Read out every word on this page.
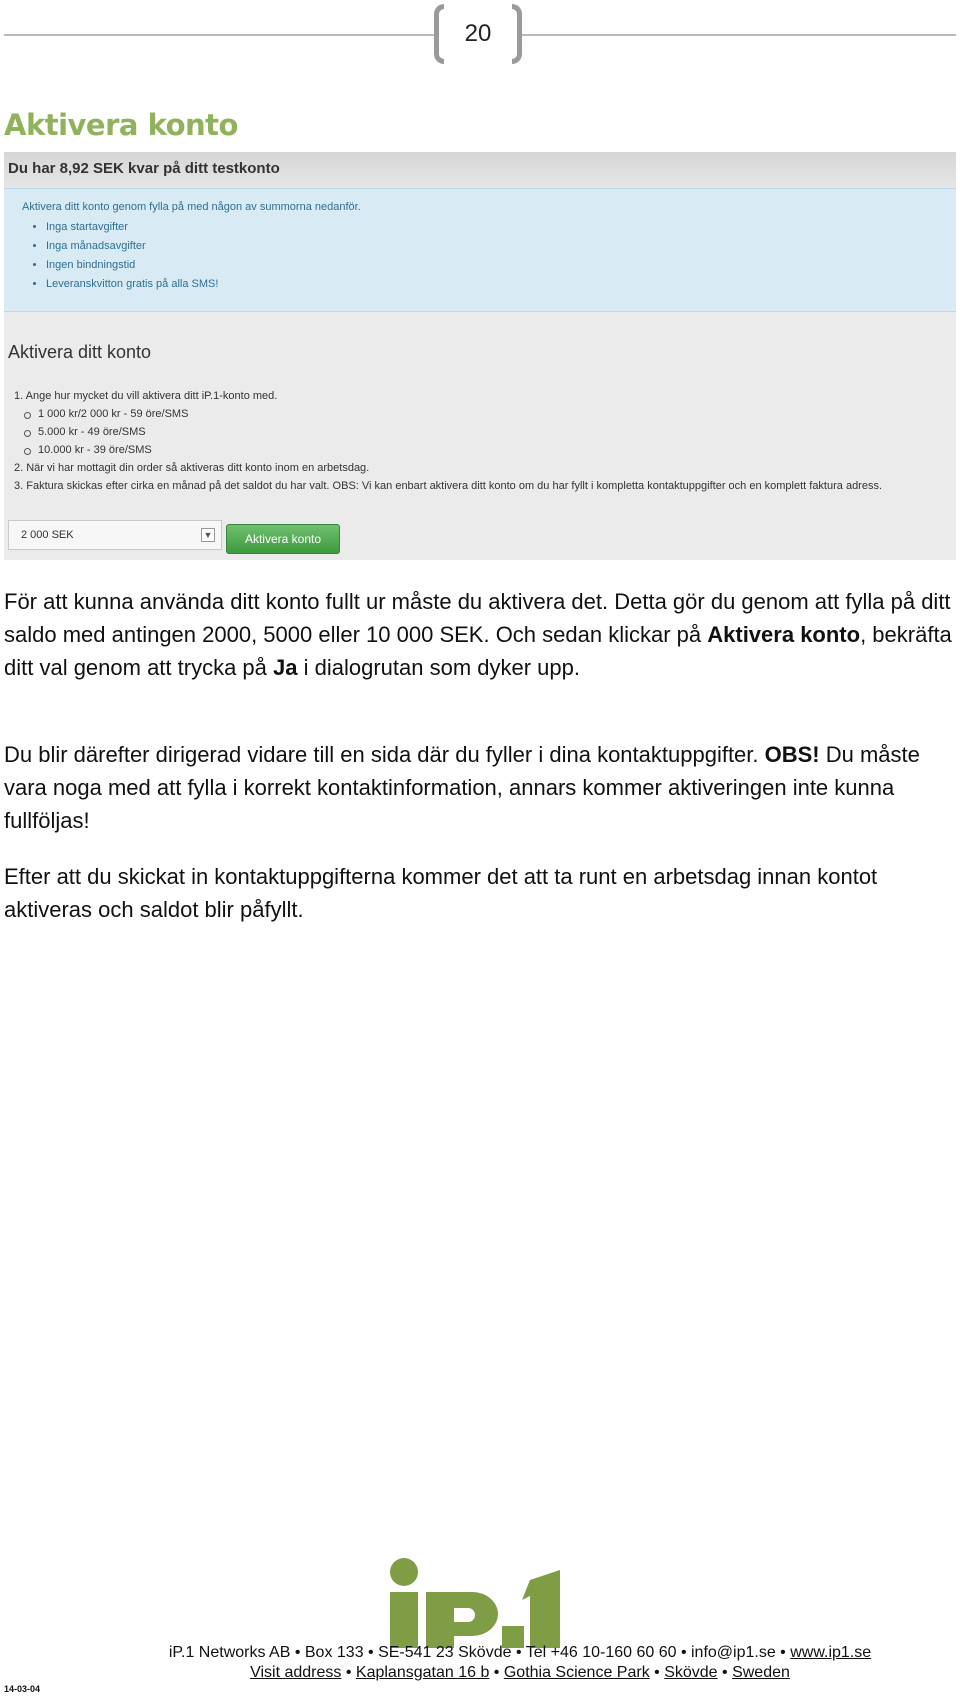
20
Aktivera konto
Du har 8,92 SEK kvar på ditt testkonto
Aktivera ditt konto genom fylla på med någon av summorna nedanför.
• Inga startavgifter
• Inga månadsavgifter
• Ingen bindningstid
• Leveranskvitton gratis på alla SMS!
Aktivera ditt konto
1. Ange hur mycket du vill aktivera ditt iP.1-konto med.
1 000 kr/2 000 kr - 59 öre/SMS
5.000 kr - 49 öre/SMS
10.000 kr - 39 öre/SMS
2. När vi har mottagit din order så aktiveras ditt konto inom en arbetsdag.
3. Faktura skickas efter cirka en månad på det saldot du har valt. OBS: Vi kan enbart aktivera ditt konto om du har fyllt i kompletta kontaktuppgifter och en komplett faktura adress.
2 000 SEK	▼	Aktivera konto

För att kunna använda ditt konto fullt ur måste du aktivera det. Detta gör du genom att fylla på ditt saldo med antingen 2000, 5000 eller 10 000 SEK. Och sedan klickar på Aktivera konto, bekräfta ditt val genom att trycka på Ja i dialogrutan som dyker upp.

Du blir därefter dirigerad vidare till en sida där du fyller i dina kontaktuppgifter. OBS! Du måste vara noga med att fylla i korrekt kontaktinformation, annars kommer aktiveringen inte kunna fullföljas!

Efter att du skickat in kontaktuppgifterna kommer det att ta runt en arbetsdag innan kontot aktiveras och saldot blir påfyllt.

iP.1 Networks AB • Box 133 • SE-541 23 Skövde • Tel +46 10-160 60 60 • info@ip1.se • www.ip1.se
Visit address • Kaplansgatan 16 b • Gothia Science Park • Skövde • Sweden
14-03-04
